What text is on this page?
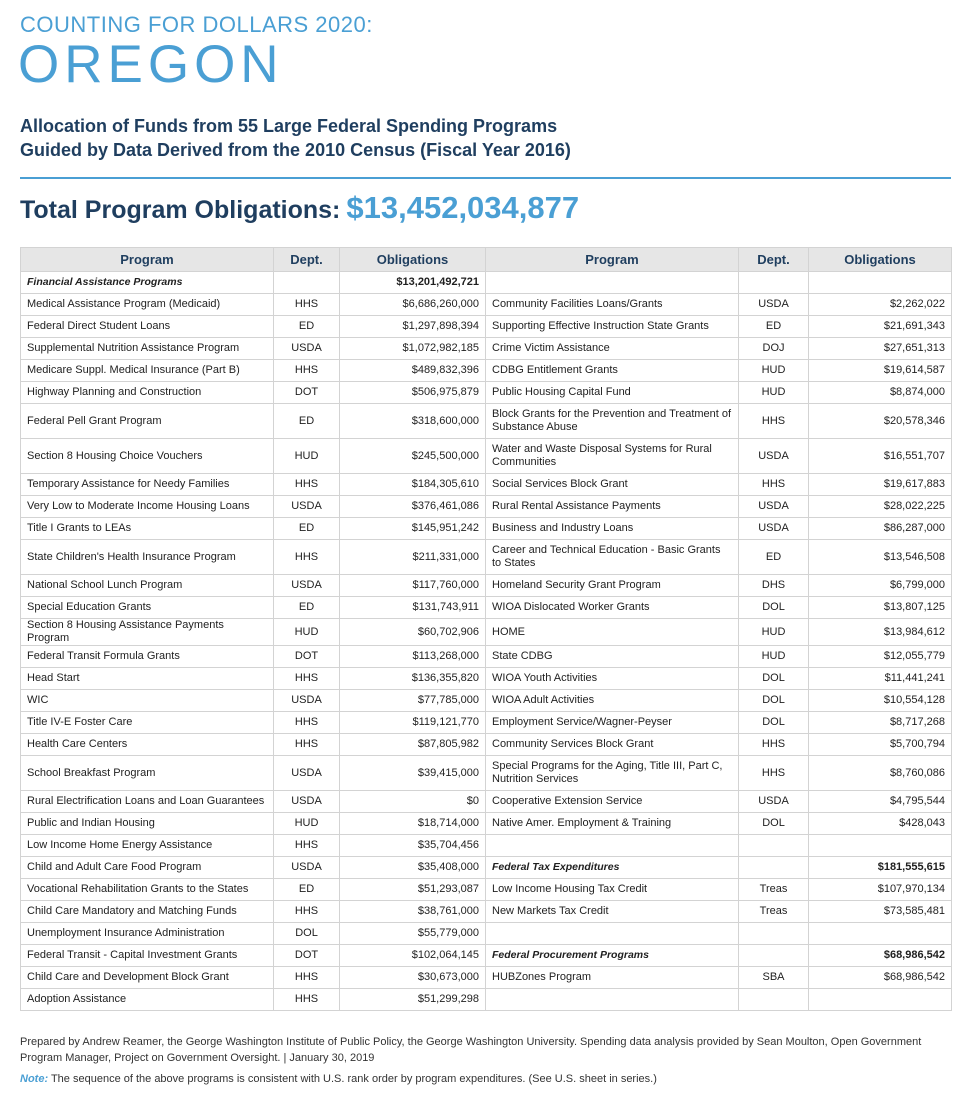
COUNTING FOR DOLLARS 2020:
OREGON
Allocation of Funds from 55 Large Federal Spending Programs
Guided by Data Derived from the 2010 Census (Fiscal Year 2016)
Total Program Obligations: $13,452,034,877
Program	Dept.	Obligations	Program	Dept.	Obligations
Financial Assistance Programs		$13,201,492,721			
Medical Assistance Program (Medicaid)	HHS	$6,686,260,000	Community Facilities Loans/Grants	USDA	$2,262,022
Federal Direct Student Loans	ED	$1,297,898,394	Supporting Effective Instruction State Grants	ED	$21,691,343
Supplemental Nutrition Assistance Program	USDA	$1,072,982,185	Crime Victim Assistance	DOJ	$27,651,313
Medicare Suppl. Medical Insurance (Part B)	HHS	$489,832,396	CDBG Entitlement Grants	HUD	$19,614,587
Highway Planning and Construction	DOT	$506,975,879	Public Housing Capital Fund	HUD	$8,874,000
Federal Pell Grant Program	ED	$318,600,000	Block Grants for the Prevention and Treatment of Substance Abuse	HHS	$20,578,346
Section 8 Housing Choice Vouchers	HUD	$245,500,000	Water and Waste Disposal Systems for Rural Communities	USDA	$16,551,707
Temporary Assistance for Needy Families	HHS	$184,305,610	Social Services Block Grant	HHS	$19,617,883
Very Low to Moderate Income Housing Loans	USDA	$376,461,086	Rural Rental Assistance Payments	USDA	$28,022,225
Title I Grants to LEAs	ED	$145,951,242	Business and Industry Loans	USDA	$86,287,000
State Children's Health Insurance Program	HHS	$211,331,000	Career and Technical Education - Basic Grants to States	ED	$13,546,508
National School Lunch Program	USDA	$117,760,000	Homeland Security Grant Program	DHS	$6,799,000
Special Education Grants	ED	$131,743,911	WIOA Dislocated Worker Grants	DOL	$13,807,125
Section 8 Housing Assistance Payments Program	HUD	$60,702,906	HOME	HUD	$13,984,612
Federal Transit Formula Grants	DOT	$113,268,000	State CDBG	HUD	$12,055,779
Head Start	HHS	$136,355,820	WIOA Youth Activities	DOL	$11,441,241
WIC	USDA	$77,785,000	WIOA Adult Activities	DOL	$10,554,128
Title IV-E Foster Care	HHS	$119,121,770	Employment Service/Wagner-Peyser	DOL	$8,717,268
Health Care Centers	HHS	$87,805,982	Community Services Block Grant	HHS	$5,700,794
School Breakfast Program	USDA	$39,415,000	Special Programs for the Aging, Title III, Part C, Nutrition Services	HHS	$8,760,086
Rural Electrification Loans and Loan Guarantees	USDA	$0	Cooperative Extension Service	USDA	$4,795,544
Public and Indian Housing	HUD	$18,714,000	Native Amer. Employment & Training	DOL	$428,043
Low Income Home Energy Assistance	HHS	$35,704,456			
Child and Adult Care Food Program	USDA	$35,408,000	Federal Tax Expenditures		$181,555,615
Vocational Rehabilitation Grants to the States	ED	$51,293,087	Low Income Housing Tax Credit	Treas	$107,970,134
Child Care Mandatory and Matching Funds	HHS	$38,761,000	New Markets Tax Credit	Treas	$73,585,481
Unemployment Insurance Administration	DOL	$55,779,000			
Federal Transit - Capital Investment Grants	DOT	$102,064,145	Federal Procurement Programs		$68,986,542
Child Care and Development Block Grant	HHS	$30,673,000	HUBZones Program	SBA	$68,986,542
Adoption Assistance	HHS	$51,299,298			
Prepared by Andrew Reamer, the George Washington Institute of Public Policy, the George Washington University. Spending data analysis provided by Sean Moulton, Open Government Program Manager, Project on Government Oversight. | January 30, 2019
Note: The sequence of the above programs is consistent with U.S. rank order by program expenditures. (See U.S. sheet in series.)
